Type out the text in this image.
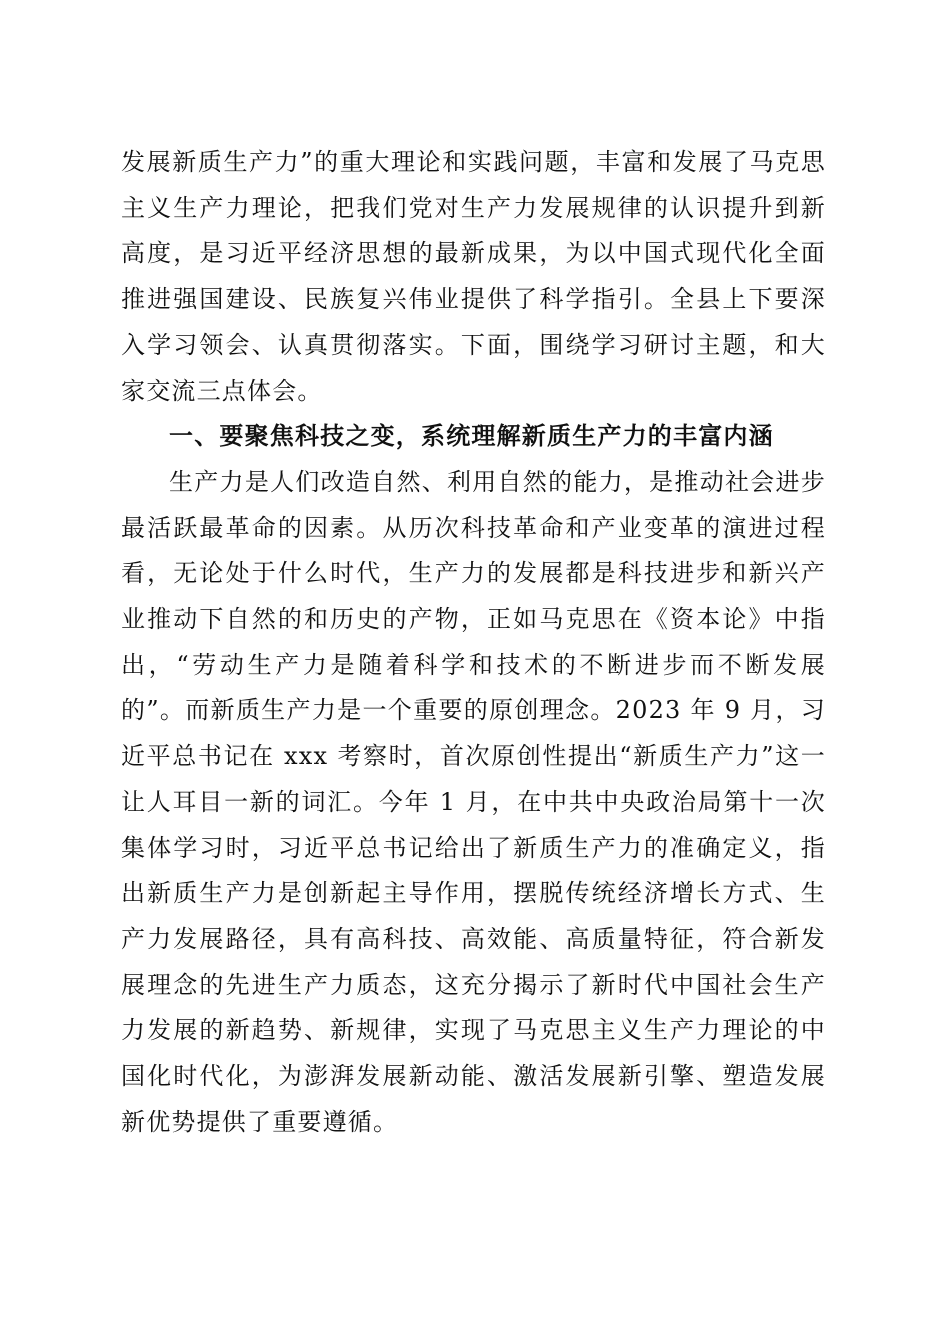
发展新质生产力”的重大理论和实践问题，丰富和发展了马克思主义生产力理论，把我们党对生产力发展规律的认识提升到新高度，是习近平经济思想的最新成果，为以中国式现代化全面推进强国建设、民族复兴伟业提供了科学指引。全县上下要深入学习领会、认真贯彻落实。下面，围绕学习研讨主题，和大家交流三点体会。

一、要聚焦科技之变，系统理解新质生产力的丰富内涵

生产力是人们改造自然、利用自然的能力，是推动社会进步最活跃最革命的因素。从历次科技革命和产业变革的演进过程看，无论处于什么时代，生产力的发展都是科技进步和新兴产业推动下自然的和历史的产物，正如马克思在《资本论》中指出，“劳动生产力是随着科学和技术的不断进步而不断发展的”。而新质生产力是一个重要的原创理念。2023 年 9 月，习近平总书记在 xxx 考察时，首次原创性提出“新质生产力”这一让人耳目一新的词汇。今年 1 月，在中共中央政治局第十一次集体学习时，习近平总书记给出了新质生产力的准确定义，指出新质生产力是创新起主导作用，摆脱传统经济增长方式、生产力发展路径，具有高科技、高效能、高质量特征，符合新发展理念的先进生产力质态，这充分揭示了新时代中国社会生产力发展的新趋势、新规律，实现了马克思主义生产力理论的中国化时代化，为澎湃发展新动能、激活发展新引擎、塑造发展新优势提供了重要遵循。
